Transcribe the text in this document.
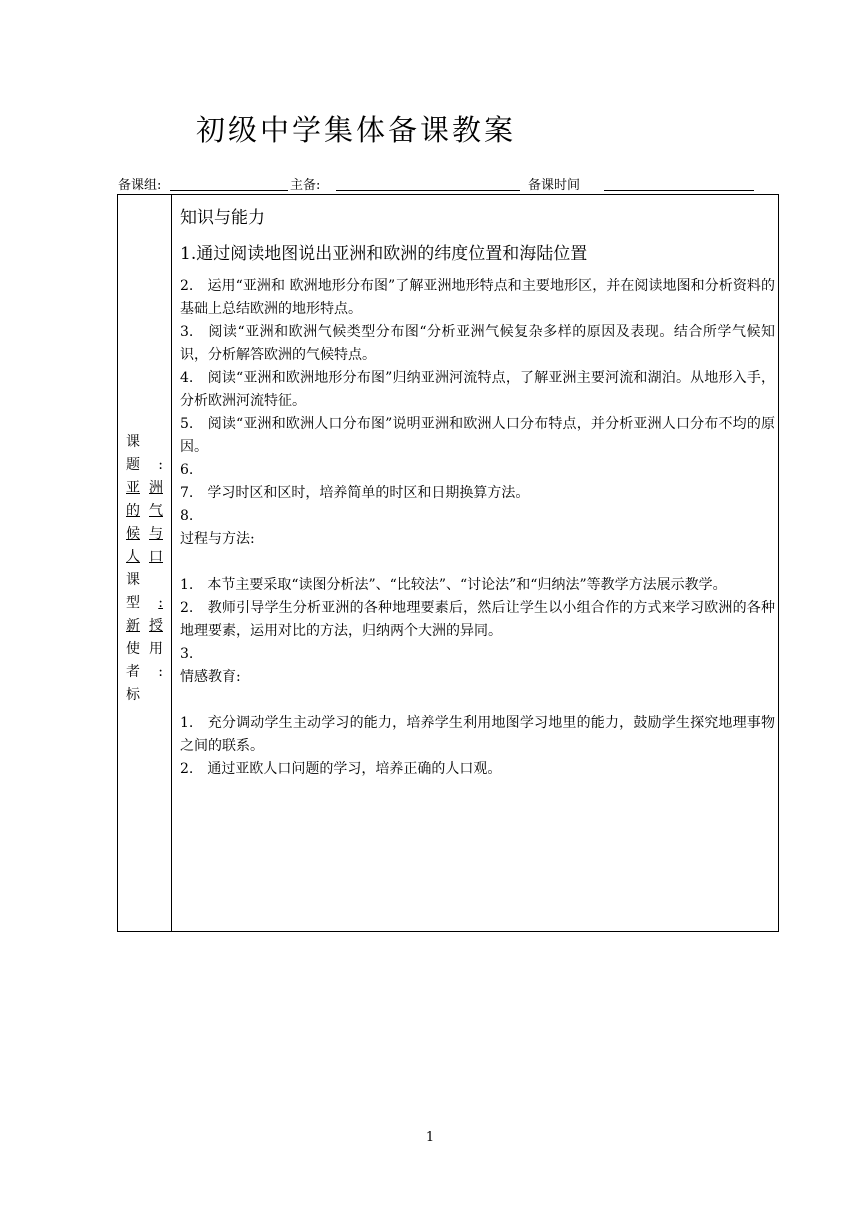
初级中学集体备课教案
备课组:	主备:	备课时间
课
题 :
亚 洲
的 气
候 与
人 口
课
型 :
新 授
使 用
者 :
标
知识与能力
1.通过阅读地图说出亚洲和欧洲的纬度位置和海陆位置

2.　运用“亚洲和 欧洲地形分布图”了解亚洲地形特点和主要地形区，并在阅读地图和分析资料的基础上总结欧洲的地形特点。

3.　阅读“亚洲和欧洲气候类型分布图“分析亚洲气候复杂多样的原因及表现。结合所学气候知识，分析解答欧洲的气候特点。

4.　阅读“亚洲和欧洲地形分布图”归纳亚洲河流特点，了解亚洲主要河流和湖泊。从地形入手，分析欧洲河流特征。

5.　阅读“亚洲和欧洲人口分布图”说明亚洲和欧洲人口分布特点，并分析亚洲人口分布不均的原因。

6.

7.　学习时区和区时，培养简单的时区和日期换算方法。

8.

过程与方法:

1.　本节主要采取“读图分析法”、“比较法”、“讨论法”和“归纳法”等教学方法展示教学。

2.　教师引导学生分析亚洲的各种地理要素后，然后让学生以小组合作的方式来学习欧洲的各种地理要素，运用对比的方法，归纳两个大洲的异同。

3.

情感教育:

1.　充分调动学生主动学习的能力，培养学生利用地图学习地里的能力，鼓励学生探究地理事物之间的联系。

2.　通过亚欧人口问题的学习，培养正确的人口观。

1
